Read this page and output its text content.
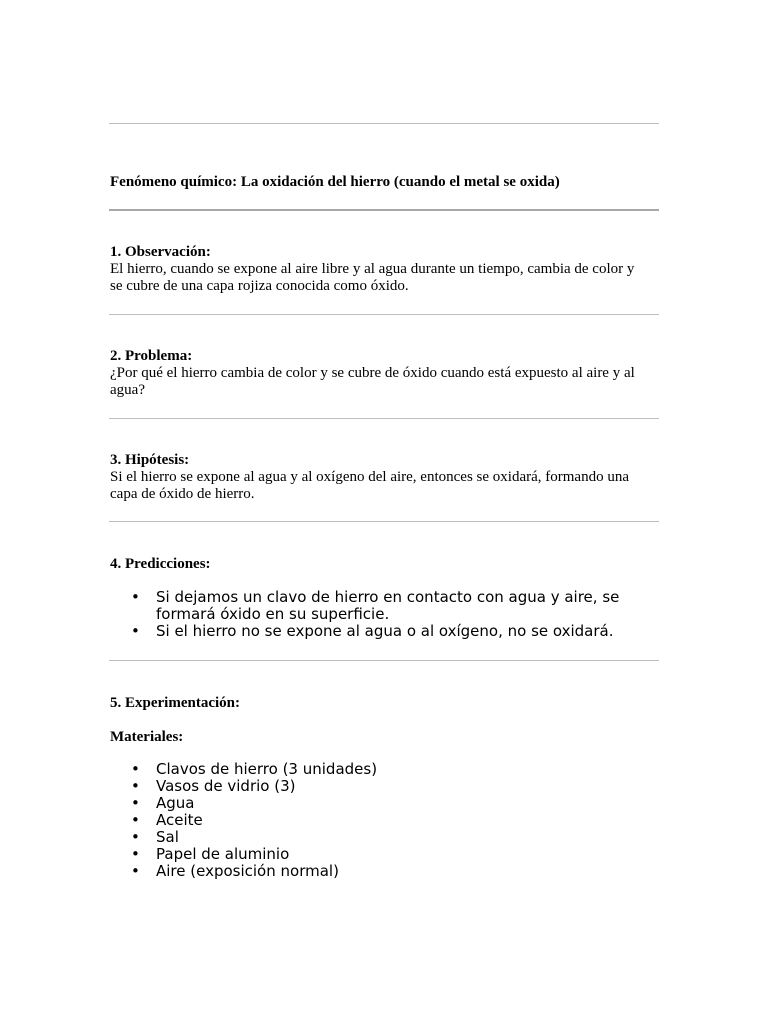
Fenómeno químico: La oxidación del hierro (cuando el metal se oxida)
1. Observación:
El hierro, cuando se expone al aire libre y al agua durante un tiempo, cambia de color y
se cubre de una capa rojiza conocida como óxido.
2. Problema:
¿Por qué el hierro cambia de color y se cubre de óxido cuando está expuesto al aire y al
agua?
3. Hipótesis:
Si el hierro se expone al agua y al oxígeno del aire, entonces se oxidará, formando una
capa de óxido de hierro.
4. Predicciones:
• Si dejamos un clavo de hierro en contacto con agua y aire, se formará óxido en su superficie.
• Si el hierro no se expone al agua o al oxígeno, no se oxidará.
5. Experimentación:
Materiales:
• Clavos de hierro (3 unidades)
• Vasos de vidrio (3)
• Agua
• Aceite
• Sal
• Papel de aluminio
• Aire (exposición normal)
